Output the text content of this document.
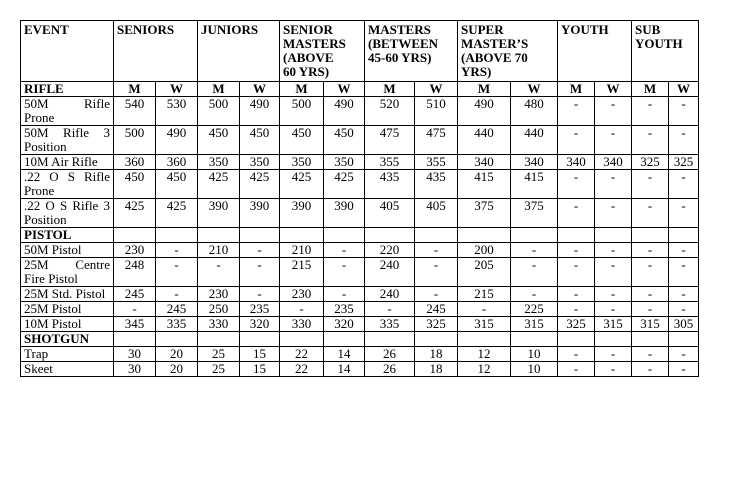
EVENT	SENIORS		JUNIORS		SENIOR
MASTERS
(ABOVE
60 YRS)		MASTERS
(BETWEEN
45-60 YRS)		SUPER
MASTER’S
(ABOVE 70
YRS)		YOUTH		SUB
YOUTH	
RIFLE	M	W	M	W	M	W	M	W	M	W	M	W	M	W
50M Rifle Prone	540	530	500	490	500	490	520	510	490	480	-	-	-	-
50M Rifle 3 Position	500	490	450	450	450	450	475	475	440	440	-	-	-	-
10M Air Rifle	360	360	350	350	350	350	355	355	340	340	340	340	325	325
.22 O S Rifle Prone	450	450	425	425	425	425	435	435	415	415	-	-	-	-
.22 O S Rifle 3 Position	425	425	390	390	390	390	405	405	375	375	-	-	-	-
PISTOL														
50M Pistol	230	-	210	-	210	-	220	-	200	-	-	-	-	-
25M Centre Fire Pistol	248	-	-	-	215	-	240	-	205	-	-	-	-	-
25M Std. Pistol	245	-	230	-	230	-	240	-	215	-	-	-	-	-
25M Pistol	-	245	250	235	-	235	-	245	-	225	-	-	-	-
10M Pistol	345	335	330	320	330	320	335	325	315	315	325	315	315	305
SHOTGUN														
Trap	30	20	25	15	22	14	26	18	12	10	-	-	-	-
Skeet	30	20	25	15	22	14	26	18	12	10	-	-	-	-
